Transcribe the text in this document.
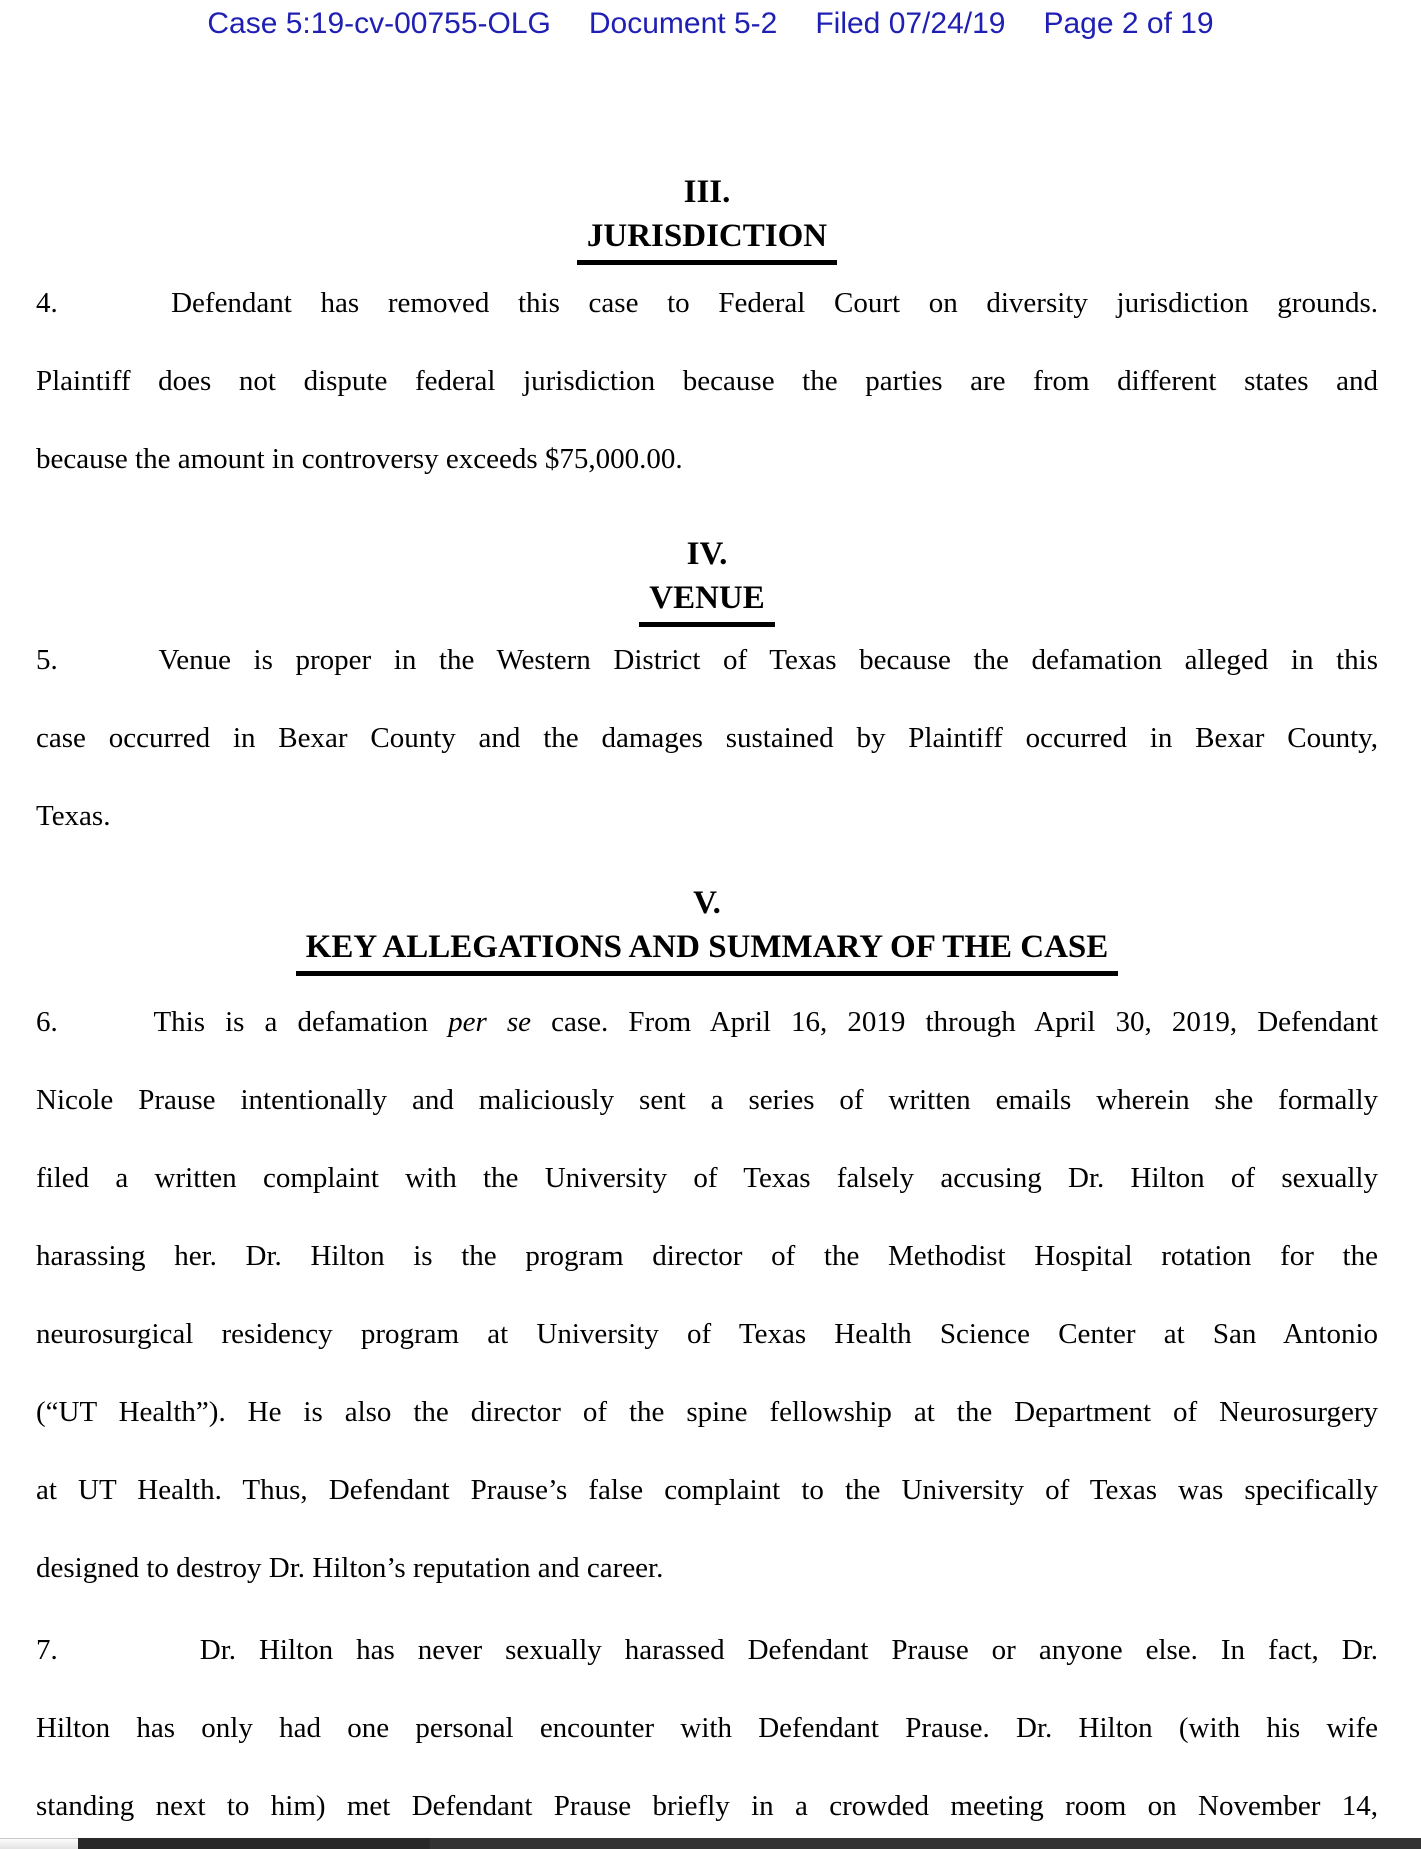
Case 5:19-cv-00755-OLG Document 5-2 Filed 07/24/19 Page 2 of 19
III.
JURISDICTION
4.	Defendant has removed this case to Federal Court on diversity jurisdiction grounds.
Plaintiff does not dispute federal jurisdiction because the parties are from different states and
because the amount in controversy exceeds $75,000.00.
IV.
VENUE
5.	Venue is proper in the Western District of Texas because the defamation alleged in this
case occurred in Bexar County and the damages sustained by Plaintiff occurred in Bexar County,
Texas.
V.
KEY ALLEGATIONS AND SUMMARY OF THE CASE
6.	This is a defamation per se case. From April 16, 2019 through April 30, 2019, Defendant
Nicole Prause intentionally and maliciously sent a series of written emails wherein she formally
filed a written complaint with the University of Texas falsely accusing Dr. Hilton of sexually
harassing her. Dr. Hilton is the program director of the Methodist Hospital rotation for the
neurosurgical residency program at University of Texas Health Science Center at San Antonio
(“UT Health”). He is also the director of the spine fellowship at the Department of Neurosurgery
at UT Health. Thus, Defendant Prause’s false complaint to the University of Texas was specifically
designed to destroy Dr. Hilton’s reputation and career.
7.	Dr. Hilton has never sexually harassed Defendant Prause or anyone else. In fact, Dr.
Hilton has only had one personal encounter with Defendant Prause. Dr. Hilton (with his wife
standing next to him) met Defendant Prause briefly in a crowded meeting room on November 14,
